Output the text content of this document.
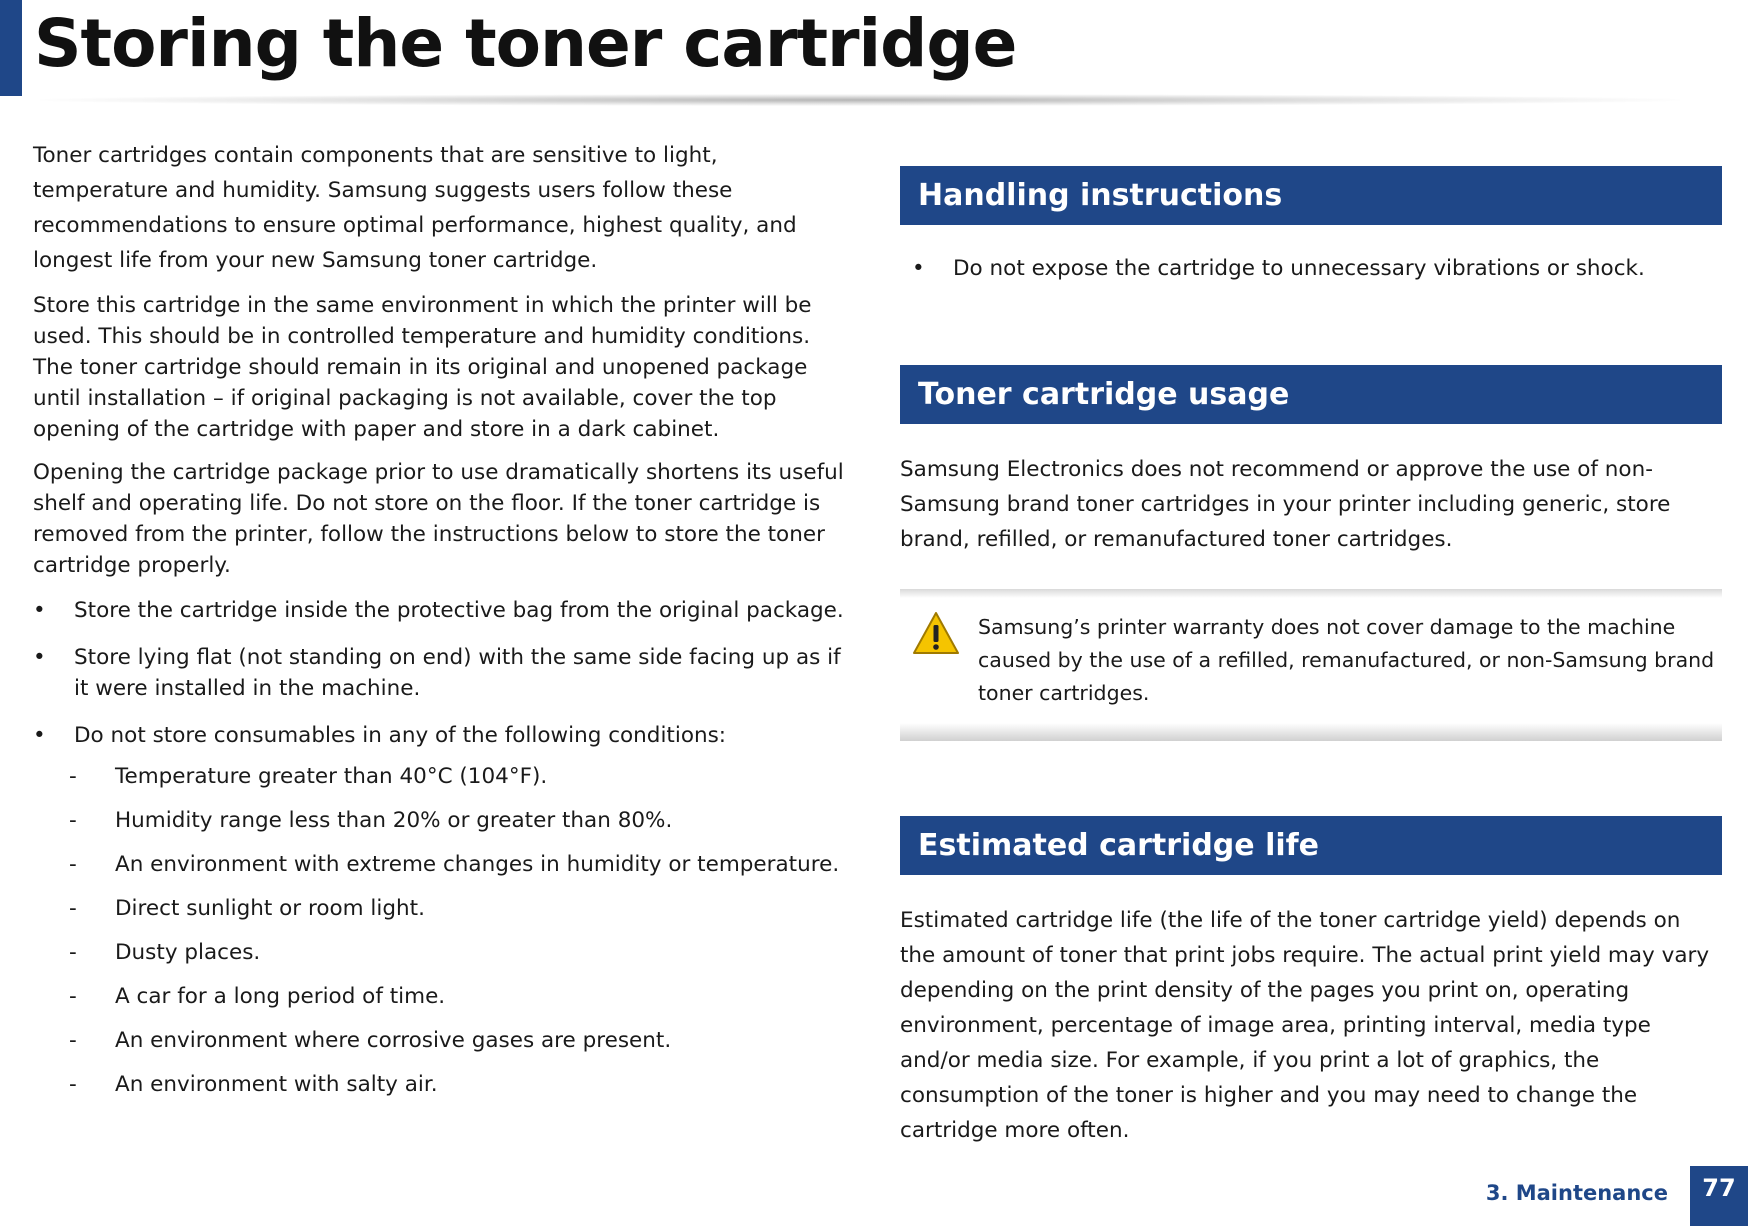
Storing the toner cartridge

Toner cartridges contain components that are sensitive to light, temperature and humidity. Samsung suggests users follow these recommendations to ensure optimal performance, highest quality, and longest life from your new Samsung toner cartridge.

Store this cartridge in the same environment in which the printer will be used. This should be in controlled temperature and humidity conditions. The toner cartridge should remain in its original and unopened package until installation – if original packaging is not available, cover the top opening of the cartridge with paper and store in a dark cabinet.

Opening the cartridge package prior to use dramatically shortens its useful shelf and operating life. Do not store on the floor. If the toner cartridge is removed from the printer, follow the instructions below to store the toner cartridge properly.

• Store the cartridge inside the protective bag from the original package.
• Store lying flat (not standing on end) with the same side facing up as if it were installed in the machine.
• Do not store consumables in any of the following conditions:
- Temperature greater than 40°C (104°F).
- Humidity range less than 20% or greater than 80%.
- An environment with extreme changes in humidity or temperature.
- Direct sunlight or room light.
- Dusty places.
- A car for a long period of time.
- An environment where corrosive gases are present.
- An environment with salty air.
Handling instructions
• Do not expose the cartridge to unnecessary vibrations or shock.
Toner cartridge usage

Samsung Electronics does not recommend or approve the use of non-Samsung brand toner cartridges in your printer including generic, store brand, refilled, or remanufactured toner cartridges.

Samsung’s printer warranty does not cover damage to the machine caused by the use of a refilled, remanufactured, or non-Samsung brand toner cartridges.

Estimated cartridge life

Estimated cartridge life (the life of the toner cartridge yield) depends on the amount of toner that print jobs require. The actual print yield may vary depending on the print density of the pages you print on, operating environment, percentage of image area, printing interval, media type and/or media size. For example, if you print a lot of graphics, the consumption of the toner is higher and you may need to change the cartridge more often.

3. Maintenance	77
